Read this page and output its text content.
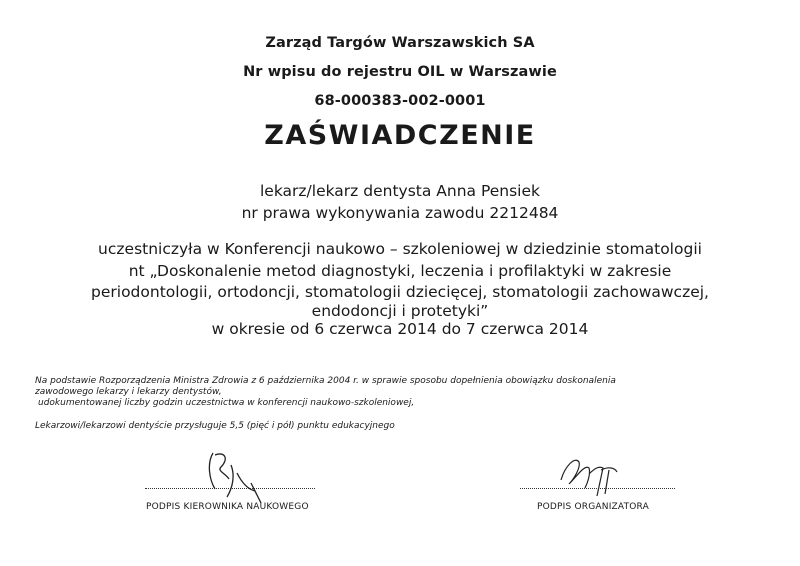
Zarząd Targów Warszawskich SA
Nr wpisu do rejestru OIL w Warszawie
68-000383-002-0001
ZAŚWIADCZENIE
lekarz/lekarz dentysta Anna Pensiek
nr prawa wykonywania zawodu 2212484
uczestniczyła w Konferencji naukowo – szkoleniowej w dziedzinie stomatologii
nt „Doskonalenie metod diagnostyki, leczenia i profilaktyki w zakresie
periodontologii, ortodoncji, stomatologii dziecięcej, stomatologii zachowawczej,
endodoncji i protetyki”
w okresie od 6 czerwca 2014 do 7 czerwca 2014
Na podstawie Rozporządzenia Ministra Zdrowia z 6 października 2004 r. w sprawie sposobu dopełnienia obowiązku doskonalenia
zawodowego lekarzy i lekarzy dentystów,
udokumentowanej liczby godzin uczestnictwa w konferencji naukowo-szkoleniowej,
Lekarzowi/lekarzowi dentyście przysługuje 5,5 (pięć i pół) punktu edukacyjnego
PODPIS KIEROWNIKA NAUKOWEGO	PODPIS ORGANIZATORA
